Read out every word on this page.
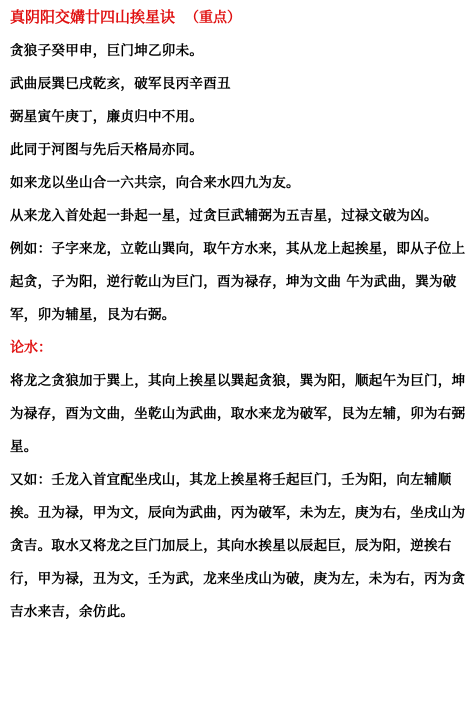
真阴阳交媾廿四山挨星诀 （重点）

贪狼子癸甲申，巨门坤乙卯未。

武曲辰巽巳戌乾亥，破军艮丙辛酉丑

弼星寅午庚丁，廉贞归中不用。

此同于河图与先后天格局亦同。

如来龙以坐山合一六共宗，向合来水四九为友。

从来龙入首处起一卦起一星，过贪巨武辅弼为五吉星，过禄文破为凶。

例如：子字来龙，立乾山巽向，取午方水来，其从龙上起挨星，即从子位上起贪，子为阳，逆行乾山为巨门，酉为禄存，坤为文曲 午为武曲，巽为破军，卯为辅星，艮为右弼。

论水：

将龙之贪狼加于巽上，其向上挨星以巽起贪狼，巽为阳，顺起午为巨门，坤为禄存，酉为文曲，坐乾山为武曲，取水来龙为破军，艮为左辅，卯为右弼星。

又如：壬龙入首宜配坐戌山，其龙上挨星将壬起巨门，壬为阳，向左辅顺挨。丑为禄，甲为文，辰向为武曲，丙为破军，未为左，庚为右，坐戌山为贪吉。取水又将龙之巨门加辰上，其向水挨星以辰起巨，辰为阳，逆挨右行，甲为禄，丑为文，壬为武，龙来坐戌山为破，庚为左，未为右，丙为贪吉水来吉，余仿此。
